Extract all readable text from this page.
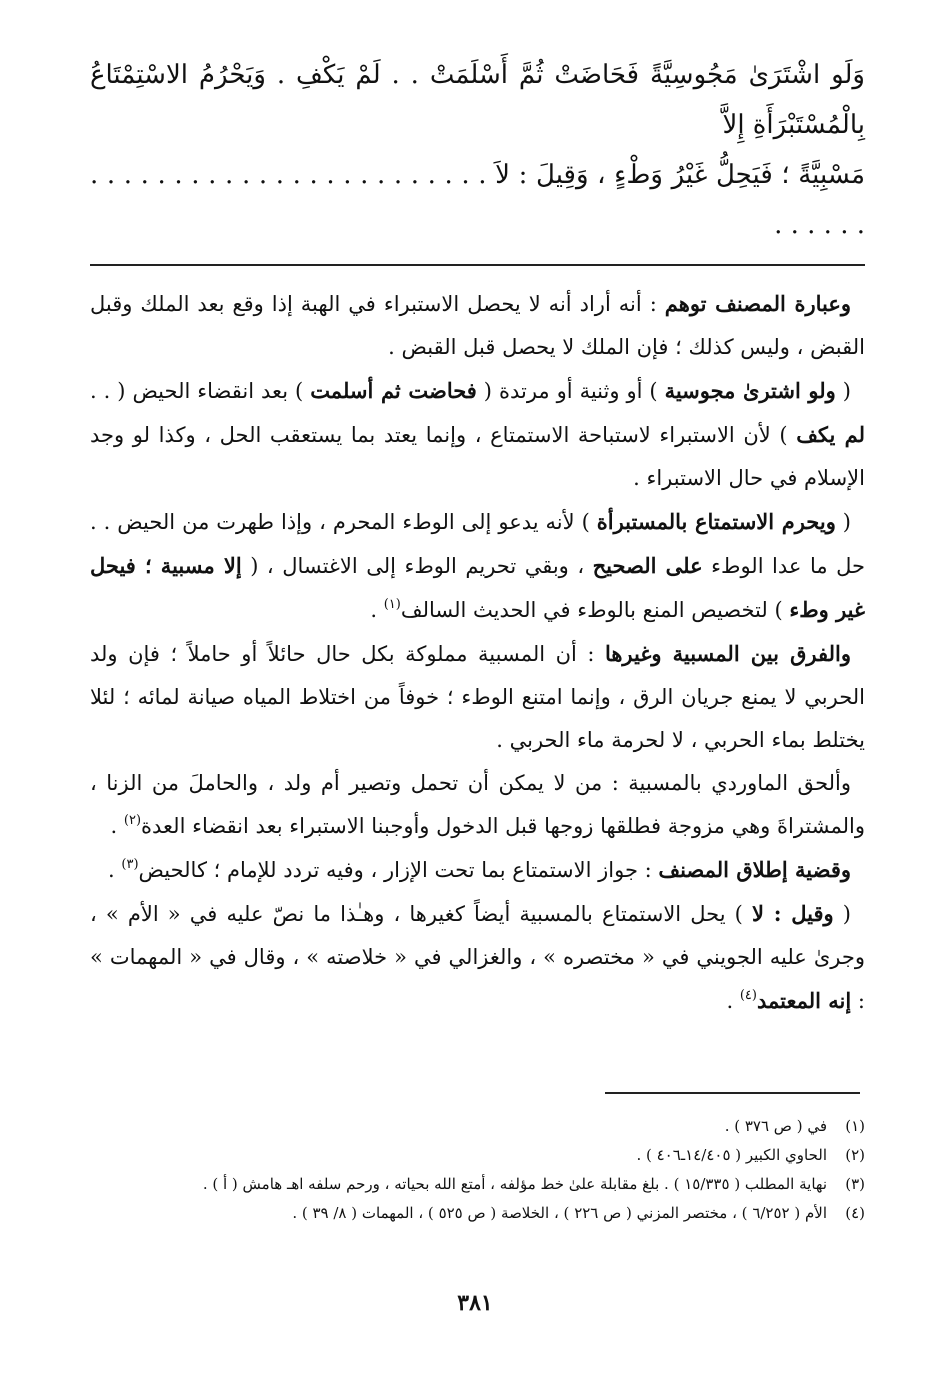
وَلَو اشْتَرَىٰ مَجُوسِيَّةً فَحَاضَتْ ثُمَّ أَسْلَمَتْ . . لَمْ يَكْفِ . وَيَحْرُمُ الاسْتِمْتَاعُ بِالْمُسْتَبْرَأَةِ إِلاَّ

مَسْبِيَّةً ؛ فَيَحِلُّ غَيْرُ وَطْءٍ ، وَقِيلَ : لاَ . . . . . . . . . . . . . . . . . . . . . . . . . . . . . .

وعبارة المصنف توهم : أنه أراد أنه لا يحصل الاستبراء في الهبة إذا وقع بعد الملك وقبل القبض ، وليس كذلك ؛ فإن الملك لا يحصل قبل القبض .

( ولو اشترىٰ مجوسية ) أو وثنية أو مرتدة ( فحاضت ثم أسلمت ) بعد انقضاء الحيض ( . . لم يكف ) لأن الاستبراء لاستباحة الاستمتاع ، وإنما يعتد بما يستعقب الحل ، وكذا لو وجد الإسلام في حال الاستبراء .

( ويحرم الاستمتاع بالمستبرأة ) لأنه يدعو إلى الوطء المحرم ، وإذا طهرت من الحيض . . حل ما عدا الوطء على الصحيح ، وبقي تحريم الوطء إلى الاغتسال ، ( إلا مسبية ؛ فيحل غير وطء ) لتخصيص المنع بالوطء في الحديث السالف$^{(١)}$ .

والفرق بين المسبية وغيرها : أن المسبية مملوكة بكل حال حائلاً أو حاملاً ؛ فإن ولد الحربي لا يمنع جريان الرق ، وإنما امتنع الوطء ؛ خوفاً من اختلاط المياه صيانة لمائه ؛ لئلا يختلط بماء الحربي ، لا لحرمة ماء الحربي .

وألحق الماوردي بالمسبية : من لا يمكن أن تحمل وتصير أم ولد ، والحاملَ من الزنا ، والمشتراةَ وهي مزوجة فطلقها زوجها قبل الدخول وأوجبنا الاستبراء بعد انقضاء العدة$^{(٢)}$ .

وقضية إطلاق المصنف : جواز الاستمتاع بما تحت الإزار ، وفيه تردد للإمام ؛ كالحيض$^{(٣)}$ .

( وقيل : لا ) يحل الاستمتاع بالمسبية أيضاً كغيرها ، وهـٰذا ما نصّ عليه في « الأم » ، وجرىٰ عليه الجويني في « مختصره » ، والغزالي في « خلاصته » ، وقال في « المهمات » : إنه المعتمد$^{(٤)}$ .

(١)
في ( ص ٣٧٦ ) .
(٢)
الحاوي الكبير ( ١٤/٤٠٥ـ٤٠٦ ) .
(٣)
نهاية المطلب ( ١٥/٣٣٥ ) . بلغ مقابلة علىٰ خط مؤلفه ، أمتع الله بحياته ، ورحم سلفه اهـ هامش ( أ ) .
(٤)
الأم ( ٦/٢٥٢ ) ، مختصر المزني ( ص ٢٢٦ ) ، الخلاصة ( ص ٥٢٥ ) ، المهمات ( ٨/ ٣٩ ) .
٣٨١
